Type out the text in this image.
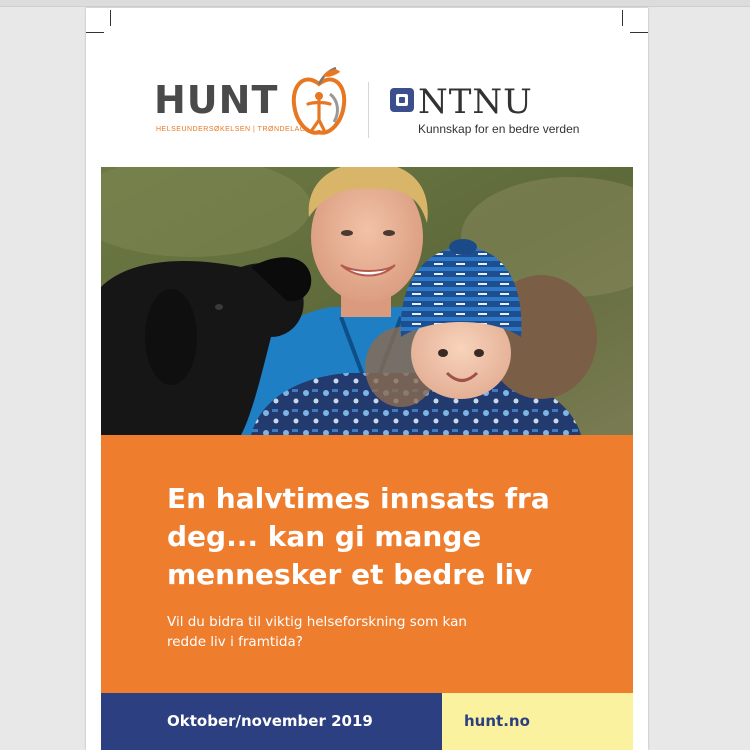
HUNT
HELSEUNDERSØKELSEN | TRØNDELAG
NTNU
Kunnskap for en bedre verden
En halvtimes innsats fra deg... kan gi mange mennesker et bedre liv

Vil du bidra til viktig helseforskning som kan redde liv i framtida?

Oktober/november 2019	hunt.no
